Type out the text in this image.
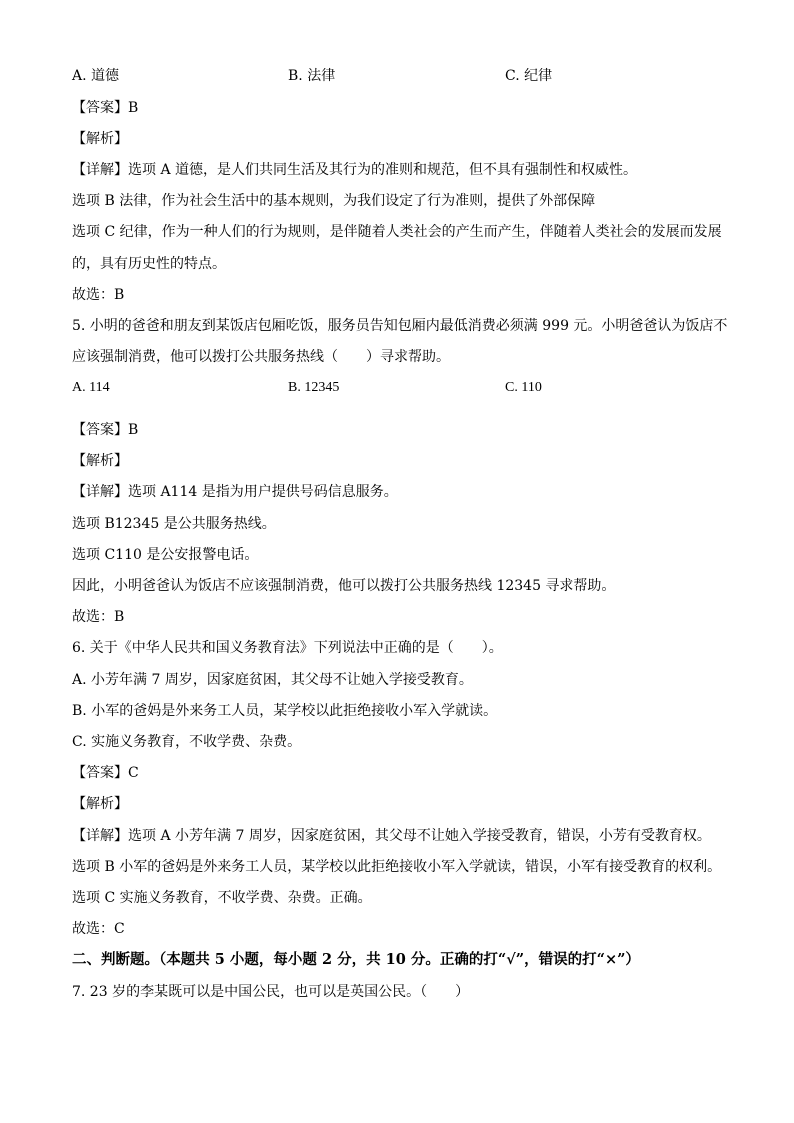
A. 道德	B. 法律	C. 纪律
【答案】B
【解析】
【详解】选项 A 道德，是人们共同生活及其行为的准则和规范，但不具有强制性和权威性。
选项 B 法律，作为社会生活中的基本规则，为我们设定了行为准则，提供了外部保障
选项 C 纪律，作为一种人们的行为规则，是伴随着人类社会的产生而产生，伴随着人类社会的发展而发展
的，具有历史性的特点。
故选：B
5. 小明的爸爸和朋友到某饭店包厢吃饭，服务员告知包厢内最低消费必须满 999 元。小明爸爸认为饭店不
应该强制消费，他可以拨打公共服务热线（　　）寻求帮助。
A. 114	B. 12345	C. 110
【答案】B
【解析】
【详解】选项 A114 是指为用户提供号码信息服务。
选项 B12345 是公共服务热线。
选项 C110 是公安报警电话。
因此，小明爸爸认为饭店不应该强制消费，他可以拨打公共服务热线 12345 寻求帮助。
故选：B
6. 关于《中华人民共和国义务教育法》下列说法中正确的是（　　）。
A. 小芳年满 7 周岁，因家庭贫困，其父母不让她入学接受教育。
B. 小军的爸妈是外来务工人员，某学校以此拒绝接收小军入学就读。
C. 实施义务教育，不收学费、杂费。
【答案】C
【解析】
【详解】选项 A 小芳年满 7 周岁，因家庭贫困，其父母不让她入学接受教育，错误，小芳有受教育权。
选项 B 小军的爸妈是外来务工人员，某学校以此拒绝接收小军入学就读，错误，小军有接受教育的权利。
选项 C 实施义务教育，不收学费、杂费。正确。
故选：C
二、判断题。（本题共 5 小题，每小题 2 分，共 10 分。正确的打“√”，错误的打“×”）
7. 23 岁的李某既可以是中国公民，也可以是英国公民。（　　）
